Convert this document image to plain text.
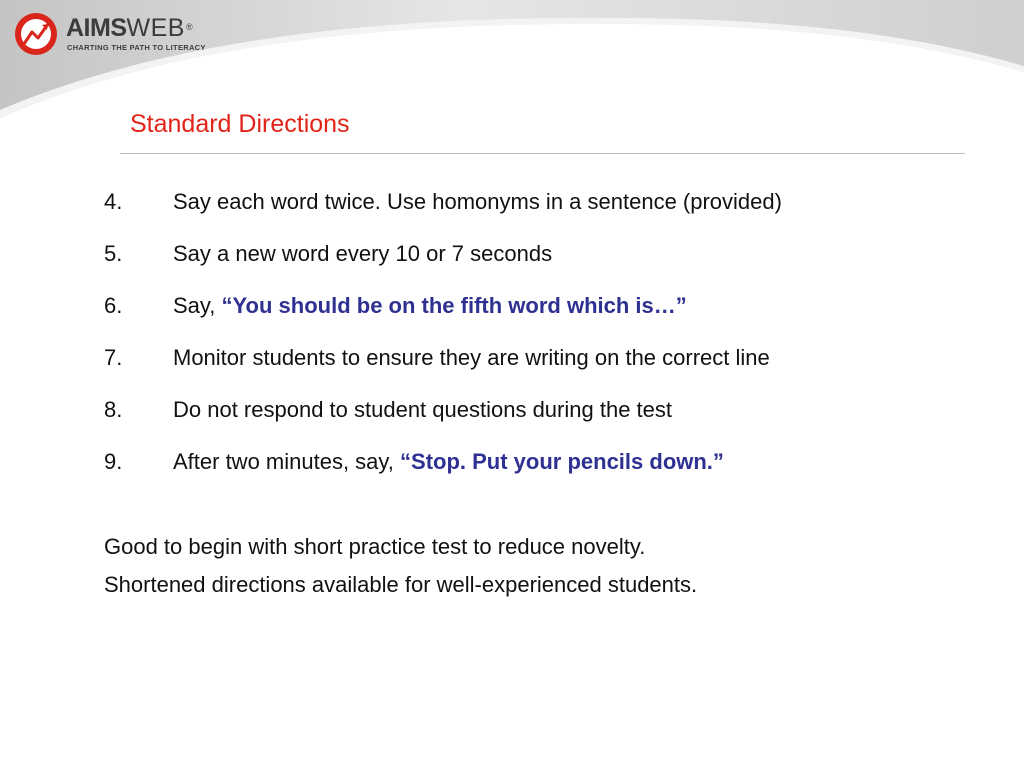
AIMSWEB®
CHARTING THE PATH TO LITERACY
Standard Directions
4. Say each word twice. Use homonyms in a sentence (provided)
5. Say a new word every 10 or 7 seconds
6. Say, “You should be on the fifth word which is…”
7. Monitor students to ensure they are writing on the correct line
8. Do not respond to student questions during the test
9. After two minutes, say, “Stop. Put your pencils down.”
Good to begin with short practice test to reduce novelty.
Shortened directions available for well-experienced students.
